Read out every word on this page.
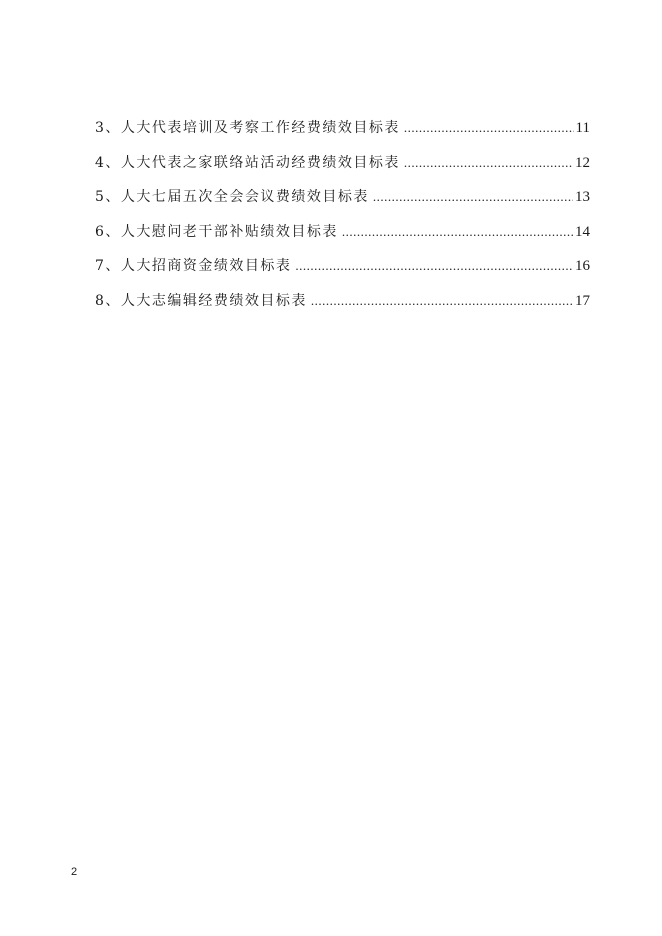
3、人大代表培训及考察工作经费绩效目标表 .....	11
4、人大代表之家联络站活动经费绩效目标表 .....	12
5、人大七届五次全会会议费绩效目标表 .....	13
6、人大慰问老干部补贴绩效目标表 .....	14
7、人大招商资金绩效目标表 .....	16
8、人大志编辑经费绩效目标表 .....	17
2
